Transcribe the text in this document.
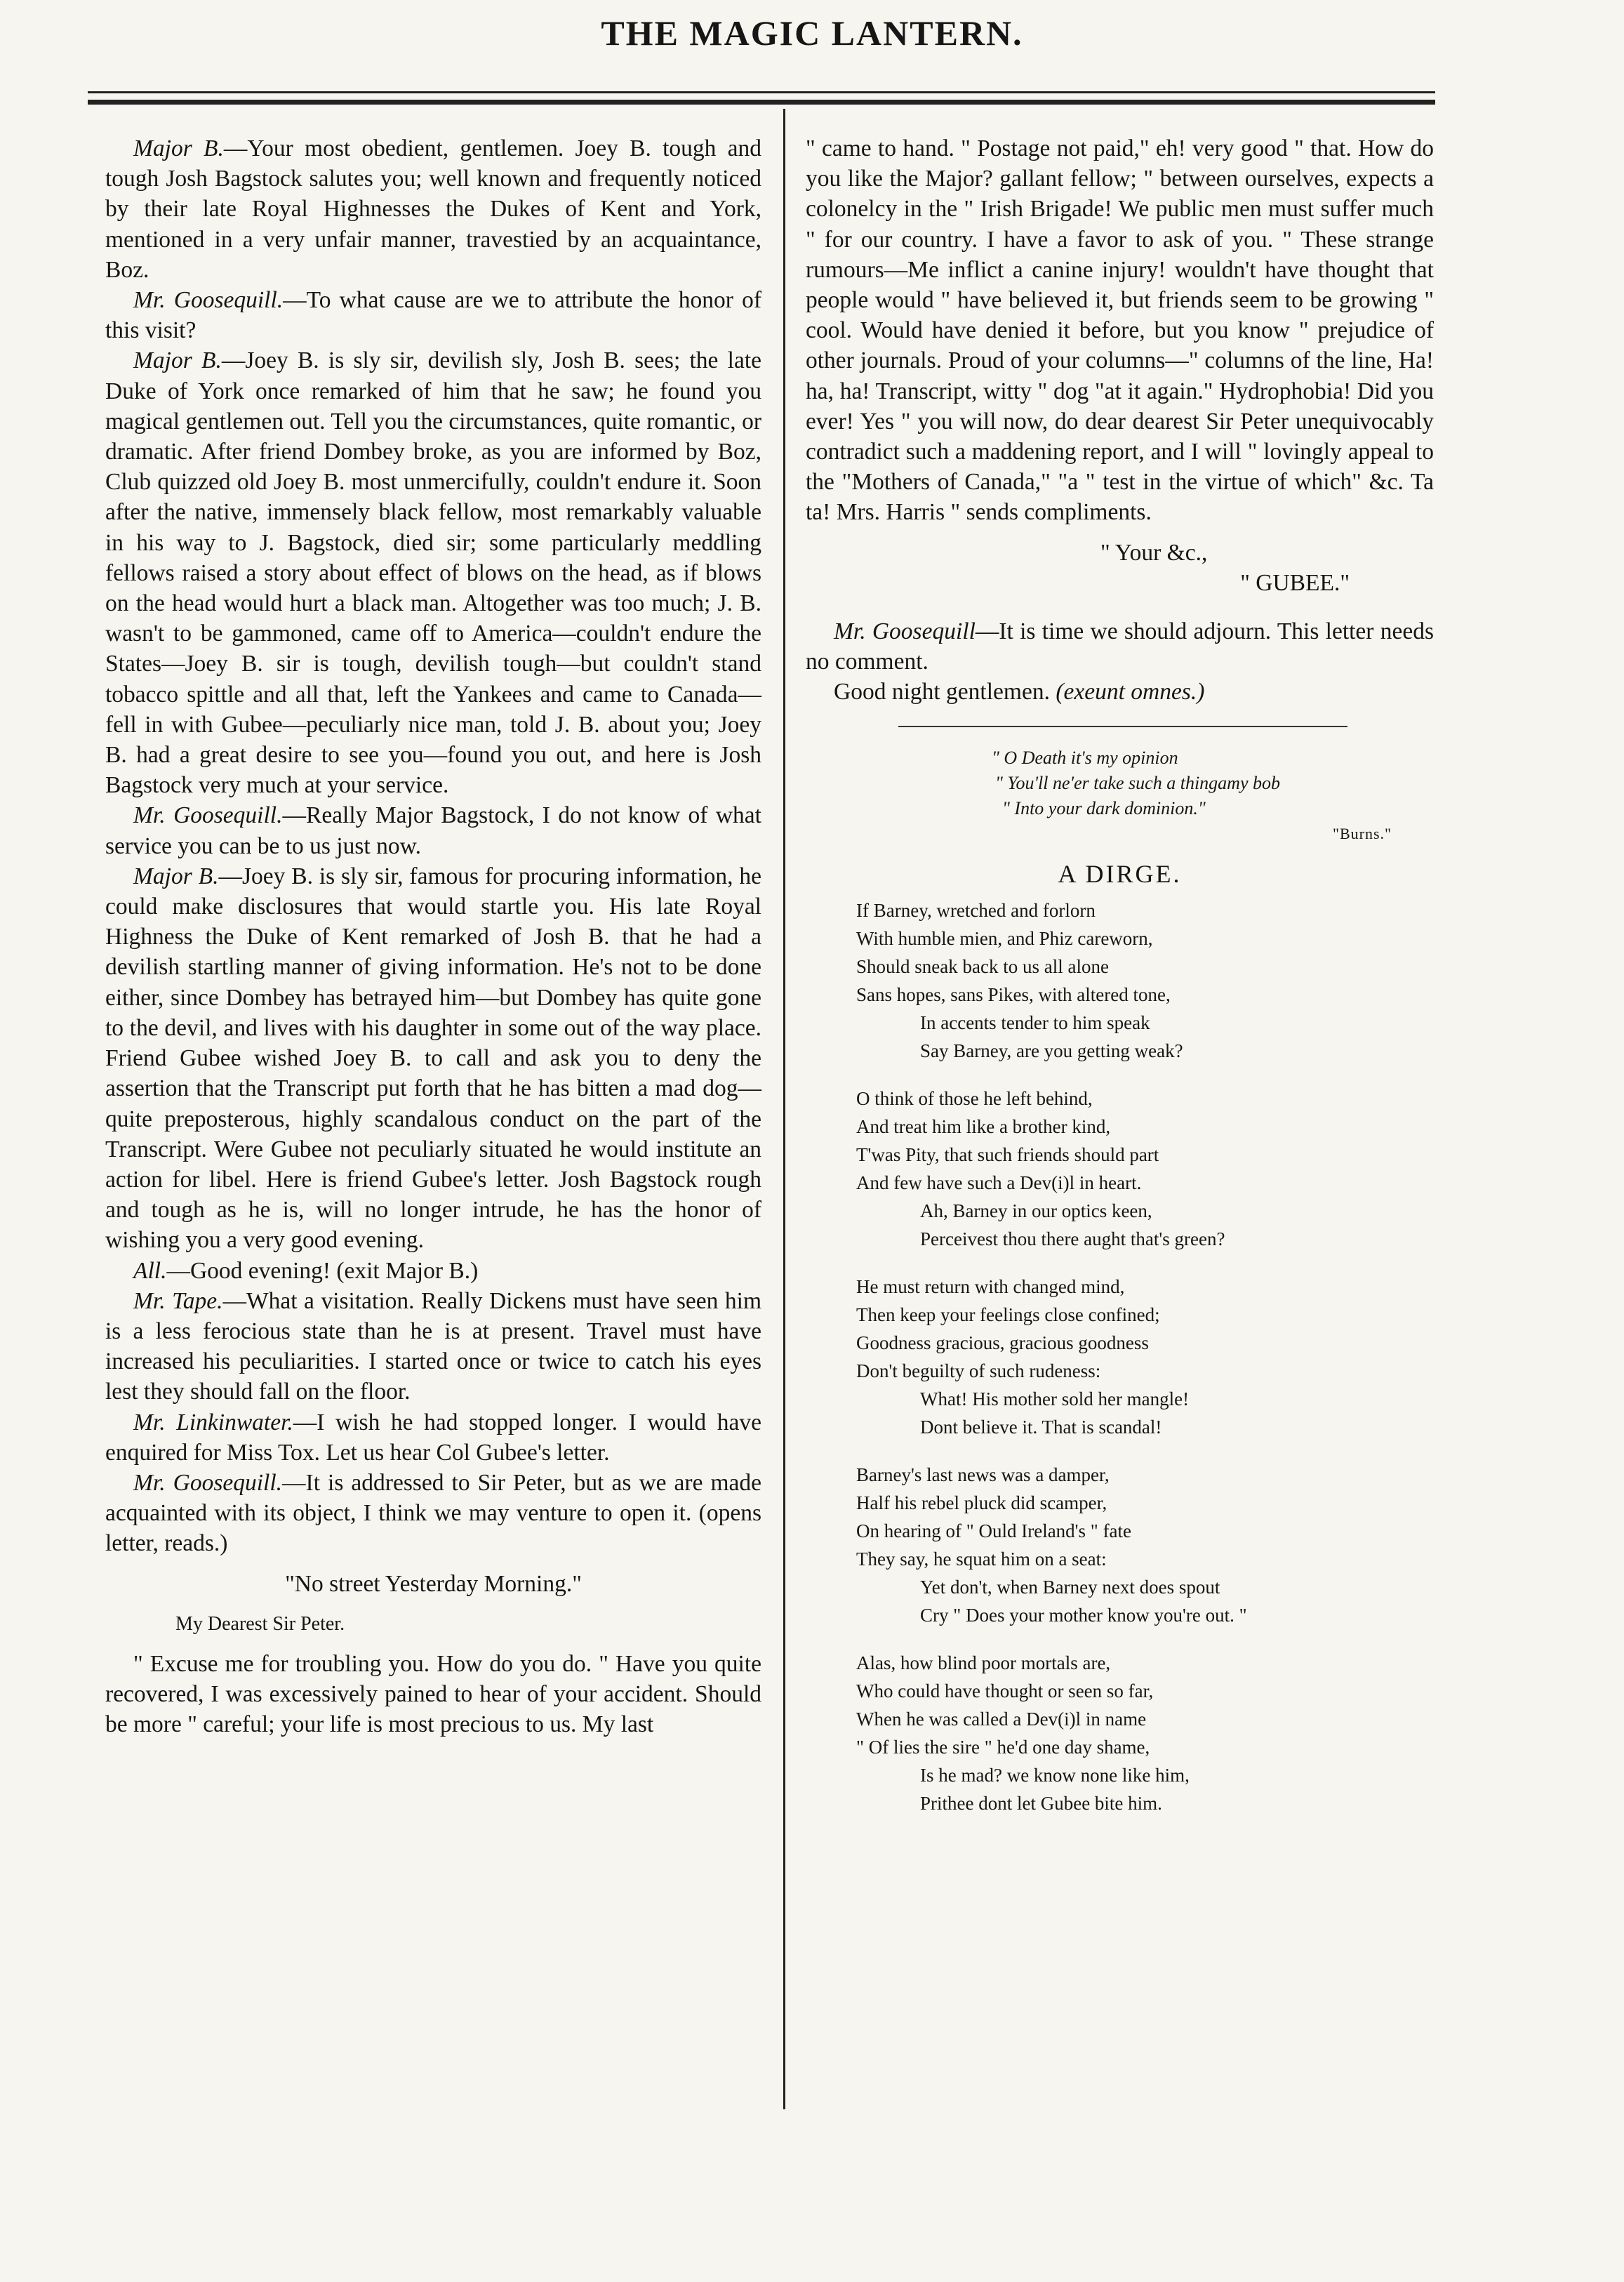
THE MAGIC LANTERN.

Major B.—Your most obedient, gentlemen. Joey B. tough and tough Josh Bagstock salutes you; well known and frequently noticed by their late Royal Highnesses the Dukes of Kent and York, mentioned in a very unfair manner, travestied by an acquaintance, Boz.

Mr. Goosequill.—To what cause are we to attribute the honor of this visit?

Major B.—Joey B. is sly sir, devilish sly, Josh B. sees; the late Duke of York once remarked of him that he saw; he found you magical gentlemen out. Tell you the circumstances, quite romantic, or dramatic. After friend Dombey broke, as you are informed by Boz, Club quizzed old Joey B. most unmercifully, couldn't endure it. Soon after the native, immensely black fellow, most remarkably valuable in his way to J. Bagstock, died sir; some particularly meddling fellows raised a story about effect of blows on the head, as if blows on the head would hurt a black man. Altogether was too much; J. B. wasn't to be gammoned, came off to America—couldn't endure the States—Joey B. sir is tough, devilish tough—but couldn't stand tobacco spittle and all that, left the Yankees and came to Canada—fell in with Gubee—peculiarly nice man, told J. B. about you; Joey B. had a great desire to see you—found you out, and here is Josh Bagstock very much at your service.

Mr. Goosequill.—Really Major Bagstock, I do not know of what service you can be to us just now.

Major B.—Joey B. is sly sir, famous for procuring information, he could make disclosures that would startle you. His late Royal Highness the Duke of Kent remarked of Josh B. that he had a devilish startling manner of giving information. He's not to be done either, since Dombey has betrayed him—but Dombey has quite gone to the devil, and lives with his daughter in some out of the way place. Friend Gubee wished Joey B. to call and ask you to deny the assertion that the Transcript put forth that he has bitten a mad dog—quite preposterous, highly scandalous conduct on the part of the Transcript. Were Gubee not peculiarly situated he would institute an action for libel. Here is friend Gubee's letter. Josh Bagstock rough and tough as he is, will no longer intrude, he has the honor of wishing you a very good evening.

All.—Good evening! (exit Major B.)

Mr. Tape.—What a visitation. Really Dickens must have seen him is a less ferocious state than he is at present. Travel must have increased his peculiarities. I started once or twice to catch his eyes lest they should fall on the floor.

Mr. Linkinwater.—I wish he had stopped longer. I would have enquired for Miss Tox. Let us hear Col Gubee's letter.

Mr. Goosequill.—It is addressed to Sir Peter, but as we are made acquainted with its object, I think we may venture to open it. (opens letter, reads.)

"No street Yesterday Morning."

My Dearest Sir Peter.

" Excuse me for troubling you. How do you do. " Have you quite recovered, I was excessively pained to hear of your accident. Should be more " careful; your life is most precious to us. My last

" came to hand. " Postage not paid," eh! very good " that. How do you like the Major? gallant fellow; " between ourselves, expects a colonelcy in the " Irish Brigade! We public men must suffer much " for our country. I have a favor to ask of you. " These strange rumours—Me inflict a canine injury! wouldn't have thought that people would " have believed it, but friends seem to be growing " cool. Would have denied it before, but you know " prejudice of other journals. Proud of your columns—" columns of the line, Ha! ha, ha! Transcript, witty " dog "at it again." Hydrophobia! Did you ever! Yes " you will now, do dear dearest Sir Peter unequivocably contradict such a maddening report, and I will " lovingly appeal to the "Mothers of Canada," "a " test in the virtue of which" &c. Ta ta! Mrs. Harris " sends compliments.

" Your &c.,

" GUBEE."

Mr. Goosequill—It is time we should adjourn. This letter needs no comment.

Good night gentlemen. (exeunt omnes.)

" O Death it's my opinion
" You'll ne'er take such a thingamy bob
" Into your dark dominion."
"Burns."

A DIRGE.

If Barney, wretched and forlorn

With humble mien, and Phiz careworn,

Should sneak back to us all alone

Sans hopes, sans Pikes, with altered tone,

In accents tender to him speak

Say Barney, are you getting weak?

O think of those he left behind,

And treat him like a brother kind,

T'was Pity, that such friends should part

And few have such a Dev(i)l in heart.

Ah, Barney in our optics keen,

Perceivest thou there aught that's green?

He must return with changed mind,

Then keep your feelings close confined;

Goodness gracious, gracious goodness

Don't beguilty of such rudeness:

What! His mother sold her mangle!

Dont believe it. That is scandal!

Barney's last news was a damper,

Half his rebel pluck did scamper,

On hearing of " Ould Ireland's " fate

They say, he squat him on a seat:

Yet don't, when Barney next does spout

Cry " Does your mother know you're out. "

Alas, how blind poor mortals are,

Who could have thought or seen so far,

When he was called a Dev(i)l in name

" Of lies the sire " he'd one day shame,

Is he mad? we know none like him,

Prithee dont let Gubee bite him.
